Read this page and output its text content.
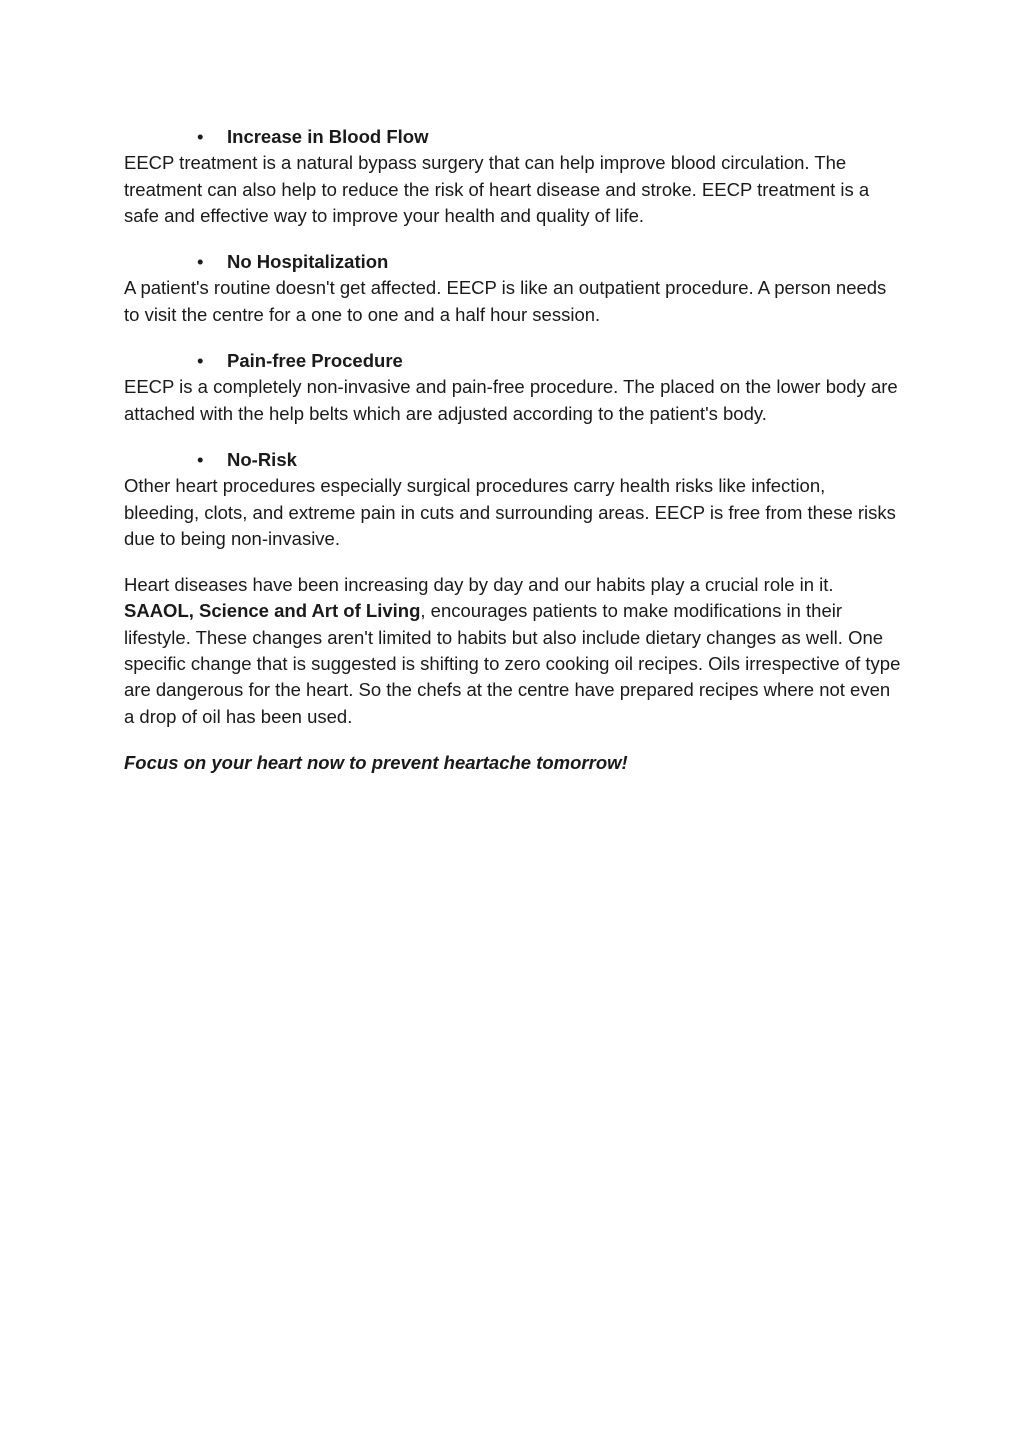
• Increase in Blood Flow

EECP treatment is a natural bypass surgery that can help improve blood circulation. The treatment can also help to reduce the risk of heart disease and stroke. EECP treatment is a safe and effective way to improve your health and quality of life.

• No Hospitalization

A patient's routine doesn't get affected. EECP is like an outpatient procedure. A person needs to visit the centre for a one to one and a half hour session.

• Pain-free Procedure

EECP is a completely non-invasive and pain-free procedure. The placed on the lower body are attached with the help belts which are adjusted according to the patient's body.

• No-Risk

Other heart procedures especially surgical procedures carry health risks like infection, bleeding, clots, and extreme pain in cuts and surrounding areas. EECP is free from these risks due to being non-invasive.

Heart diseases have been increasing day by day and our habits play a crucial role in it. SAAOL, Science and Art of Living, encourages patients to make modifications in their lifestyle. These changes aren't limited to habits but also include dietary changes as well. One specific change that is suggested is shifting to zero cooking oil recipes. Oils irrespective of type are dangerous for the heart. So the chefs at the centre have prepared recipes where not even a drop of oil has been used.

Focus on your heart now to prevent heartache tomorrow!
